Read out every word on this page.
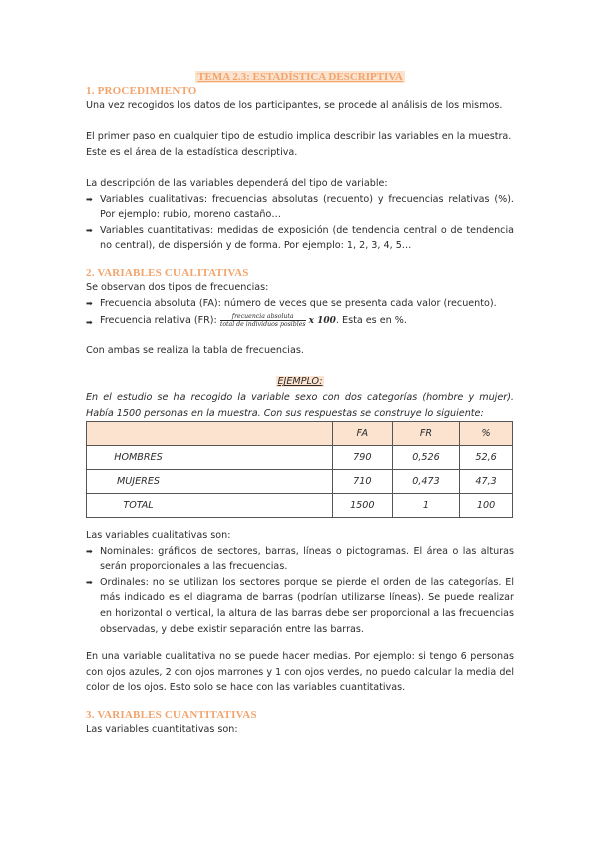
TEMA 2.3: ESTADÍSTICA DESCRIPTIVA
1. PROCEDIMIENTO

Una vez recogidos los datos de los participantes, se procede al análisis de los mismos.

El primer paso en cualquier tipo de estudio implica describir las variables en la muestra.

Este es el área de la estadística descriptiva.

La descripción de las variables dependerá del tipo de variable:

➡ Variables cualitativas: frecuencias absolutas (recuento) y frecuencias relativas (%). Por ejemplo: rubio, moreno castaño…
➡ Variables cuantitativas: medidas de exposición (de tendencia central o de tendencia no central), de dispersión y de forma. Por ejemplo: 1, 2, 3, 4, 5…
2. VARIABLES CUALITATIVAS

Se observan dos tipos de frecuencias:

➡ Frecuencia absoluta (FA): número de veces que se presenta cada valor (recuento).
➡ Frecuencia relativa (FR): $\frac{\text{frecuencia absoluta}}{\text{total de individuos posibles}}$ x 100. Esta es en %.

Con ambas se realiza la tabla de frecuencias.

EJEMPLO:

En el estudio se ha recogido la variable sexo con dos categorías (hombre y mujer). Había 1500 personas en la muestra. Con sus respuestas se construye lo siguiente:

	FA	FR	%
HOMBRES	790	0,526	52,6
MUJERES	710	0,473	47,3
TOTAL	1500	1	100

Las variables cualitativas son:

➡ Nominales: gráficos de sectores, barras, líneas o pictogramas. El área o las alturas serán proporcionales a las frecuencias.
➡ Ordinales: no se utilizan los sectores porque se pierde el orden de las categorías. El más indicado es el diagrama de barras (podrían utilizarse líneas). Se puede realizar en horizontal o vertical, la altura de las barras debe ser proporcional a las frecuencias observadas, y debe existir separación entre las barras.

En una variable cualitativa no se puede hacer medias. Por ejemplo: si tengo 6 personas con ojos azules, 2 con ojos marrones y 1 con ojos verdes, no puedo calcular la media del color de los ojos. Esto solo se hace con las variables cuantitativas.

3. VARIABLES CUANTITATIVAS

Las variables cuantitativas son:
